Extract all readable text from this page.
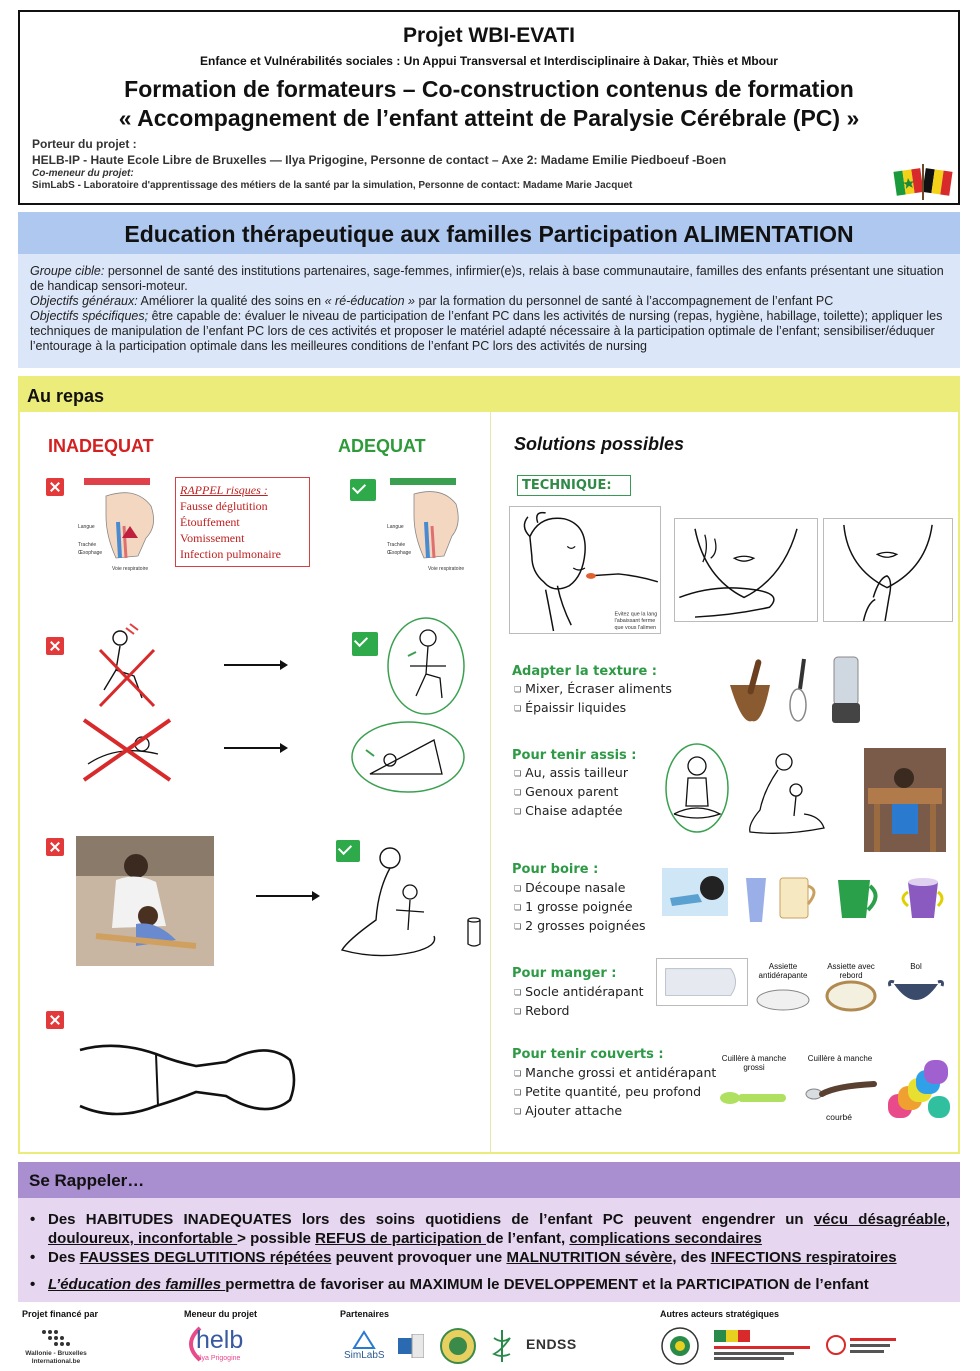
Projet WBI-EVATI
Enfance et Vulnérabilités sociales : Un Appui Transversal et Interdisciplinaire à Dakar, Thiès et Mbour
Formation de formateurs – Co-construction contenus de formation
« Accompagnement de l’enfant atteint de Paralysie Cérébrale (PC) »
Porteur du projet :
HELB-IP - Haute Ecole Libre de Bruxelles — Ilya Prigogine, Personne de contact – Axe 2: Madame Emilie Piedboeuf -Boen
Co-meneur du projet:
SimLabS - Laboratoire d'apprentissage des métiers de la santé par la simulation, Personne de contact: Madame Marie Jacquet
Education thérapeutique aux familles Participation ALIMENTATION

Groupe cible: personnel de santé des institutions partenaires, sage-femmes, infirmier(e)s, relais à base communautaire, familles des enfants présentant une situation de handicap sensori-moteur.

Objectifs généraux: Améliorer la qualité des soins en « ré-éducation » par la formation du personnel de santé à l’accompagnement de l’enfant PC

Objectifs spécifiques; être capable de: évaluer le niveau de participation de l’enfant PC dans les activités de nursing (repas, hygiène, habillage, toilette); appliquer les techniques de manipulation de l’enfant PC lors de ces activités et proposer le matériel adapté nécessaire à la participation optimale de l’enfant; sensibiliser/éduquer l’entourage à la participation optimale dans les meilleures conditions de l’enfant PC lors des activités de nursing

Au repas
INADEQUAT	ADEQUAT	Solutions possibles
Langue
Trachée
Œsophage
Voie respiratoire
RAPPEL risques :
Fausse déglutition
Étouffement
Vomissement
Infection pulmonaire
Langue
Trachée
Œsophage
Voie respiratoire
TECHNIQUE:
Evitez que la lang
l'abaissant ferme
que vous l'alimen
Adapter la texture :
❏ Mixer, Écraser aliments
❏ Épaissir liquides
Pour tenir assis :
❏ Au, assis tailleur
❏ Genoux parent
❏ Chaise adaptée
Pour boire :
❏ Découpe nasale
❏ 1 grosse poignée
❏ 2 grosses poignées
Pour manger :
❏ Socle antidérapant
❏ Rebord
Assiette antidérapante
Assiette avec rebord
Bol
Pour tenir couverts :
❏ Manche grossi et antidérapant
❏ Petite quantité, peu profond
❏ Ajouter attache
Cuillère à manche grossi
Cuillère à manche
courbé
Se Rappeler…
• Des HABITUDES INADEQUATES lors des soins quotidiens de l’enfant PC peuvent engendrer un vécu désagréable, douloureux, inconfortable > possible REFUS de participation de l’enfant, complications secondaires
• Des FAUSSES DEGLUTITIONS répétées peuvent provoquer une MALNUTRITION sévère, des INFECTIONS respiratoires
• L’éducation des familles permettra de favoriser au MAXIMUM le DEVELOPPEMENT et la PARTICIPATION de l’enfant
Projet financé par	Meneur du projet	Partenaires	Autres acteurs stratégiques
Wallonie - Bruxelles International.be
helb
Ilya Prigogine	SimLabS
ENDSS
